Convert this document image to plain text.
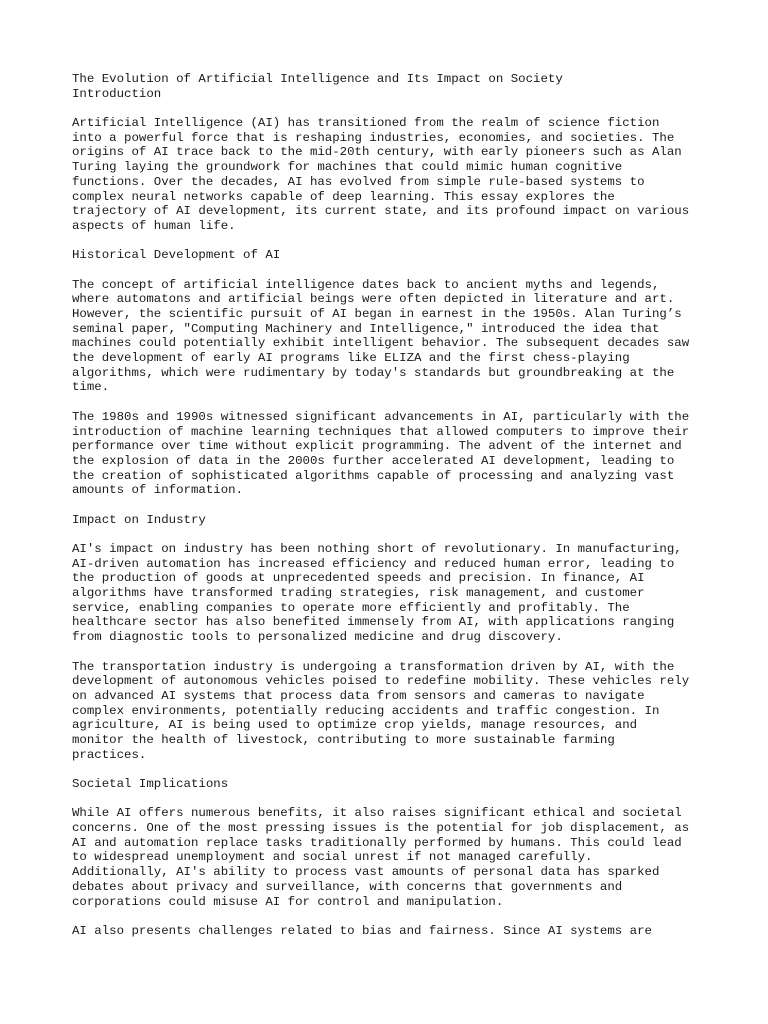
The Evolution of Artificial Intelligence and Its Impact on Society
Introduction
Artificial Intelligence (AI) has transitioned from the realm of science fiction
into a powerful force that is reshaping industries, economies, and societies. The
origins of AI trace back to the mid-20th century, with early pioneers such as Alan
Turing laying the groundwork for machines that could mimic human cognitive
functions. Over the decades, AI has evolved from simple rule-based systems to
complex neural networks capable of deep learning. This essay explores the
trajectory of AI development, its current state, and its profound impact on various
aspects of human life.
Historical Development of AI
The concept of artificial intelligence dates back to ancient myths and legends,
where automatons and artificial beings were often depicted in literature and art.
However, the scientific pursuit of AI began in earnest in the 1950s. Alan Turing’s
seminal paper, "Computing Machinery and Intelligence," introduced the idea that
machines could potentially exhibit intelligent behavior. The subsequent decades saw
the development of early AI programs like ELIZA and the first chess-playing
algorithms, which were rudimentary by today's standards but groundbreaking at the
time.
The 1980s and 1990s witnessed significant advancements in AI, particularly with the
introduction of machine learning techniques that allowed computers to improve their
performance over time without explicit programming. The advent of the internet and
the explosion of data in the 2000s further accelerated AI development, leading to
the creation of sophisticated algorithms capable of processing and analyzing vast
amounts of information.
Impact on Industry
AI's impact on industry has been nothing short of revolutionary. In manufacturing,
AI-driven automation has increased efficiency and reduced human error, leading to
the production of goods at unprecedented speeds and precision. In finance, AI
algorithms have transformed trading strategies, risk management, and customer
service, enabling companies to operate more efficiently and profitably. The
healthcare sector has also benefited immensely from AI, with applications ranging
from diagnostic tools to personalized medicine and drug discovery.
The transportation industry is undergoing a transformation driven by AI, with the
development of autonomous vehicles poised to redefine mobility. These vehicles rely
on advanced AI systems that process data from sensors and cameras to navigate
complex environments, potentially reducing accidents and traffic congestion. In
agriculture, AI is being used to optimize crop yields, manage resources, and
monitor the health of livestock, contributing to more sustainable farming
practices.
Societal Implications
While AI offers numerous benefits, it also raises significant ethical and societal
concerns. One of the most pressing issues is the potential for job displacement, as
AI and automation replace tasks traditionally performed by humans. This could lead
to widespread unemployment and social unrest if not managed carefully.
Additionally, AI's ability to process vast amounts of personal data has sparked
debates about privacy and surveillance, with concerns that governments and
corporations could misuse AI for control and manipulation.
AI also presents challenges related to bias and fairness. Since AI systems are
